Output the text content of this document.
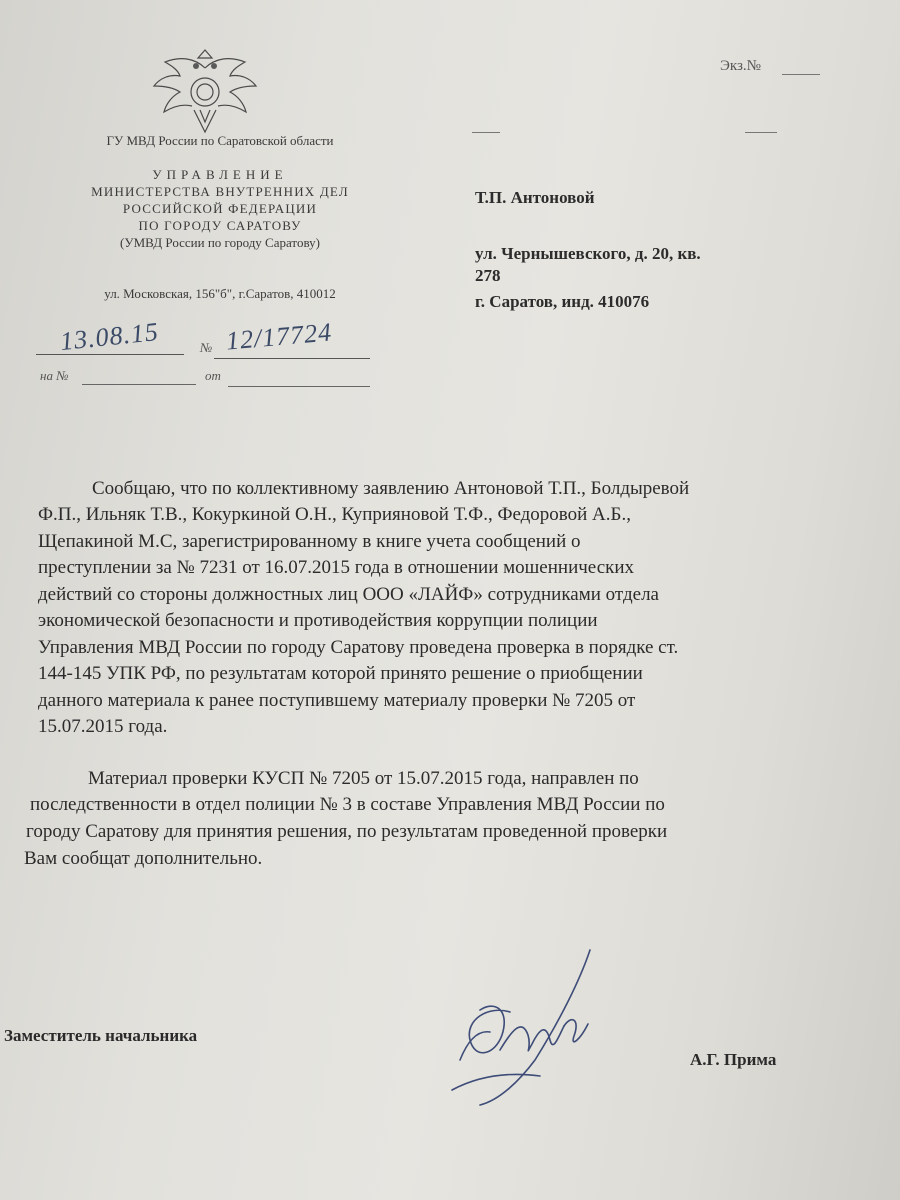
ГУ МВД России по Саратовской области
УПРАВЛЕНИЕ
МИНИСТЕРСТВА ВНУТРЕННИХ ДЕЛ
РОССИЙСКОЙ ФЕДЕРАЦИИ
ПО ГОРОДУ САРАТОВУ
(УМВД России по городу Саратову)
ул. Московская, 156"б", г.Саратов, 410012
Экз.№
Т.П. Антоновой
ул. Чернышевского, д. 20, кв.
278
г. Саратов, инд. 410076
13.08.15	№ 12/17724
на №	от
Сообщаю, что по коллективному заявлению Антоновой Т.П., Болдыревой
Ф.П., Ильняк Т.В., Кокуркиной О.Н., Куприяновой Т.Ф., Федоровой А.Б.,
Щепакиной М.С, зарегистрированному в книге учета сообщений о
преступлении за № 7231 от 16.07.2015 года в отношении мошеннических
действий со стороны должностных лиц ООО «ЛАЙФ» сотрудниками отдела
экономической безопасности и противодействия коррупции полиции
Управления МВД России по городу Саратову проведена проверка в порядке ст.
144-145 УПК РФ, по результатам которой принято решение о приобщении
данного материала к ранее поступившему материалу проверки № 7205 от
15.07.2015 года.
Материал проверки КУСП № 7205 от 15.07.2015 года, направлен по
последственности в отдел полиции № 3 в составе Управления МВД России по
городу Саратову для принятия решения, по результатам проведенной проверки
Вам сообщат дополнительно.
Заместитель начальника
А.Г. Прима
